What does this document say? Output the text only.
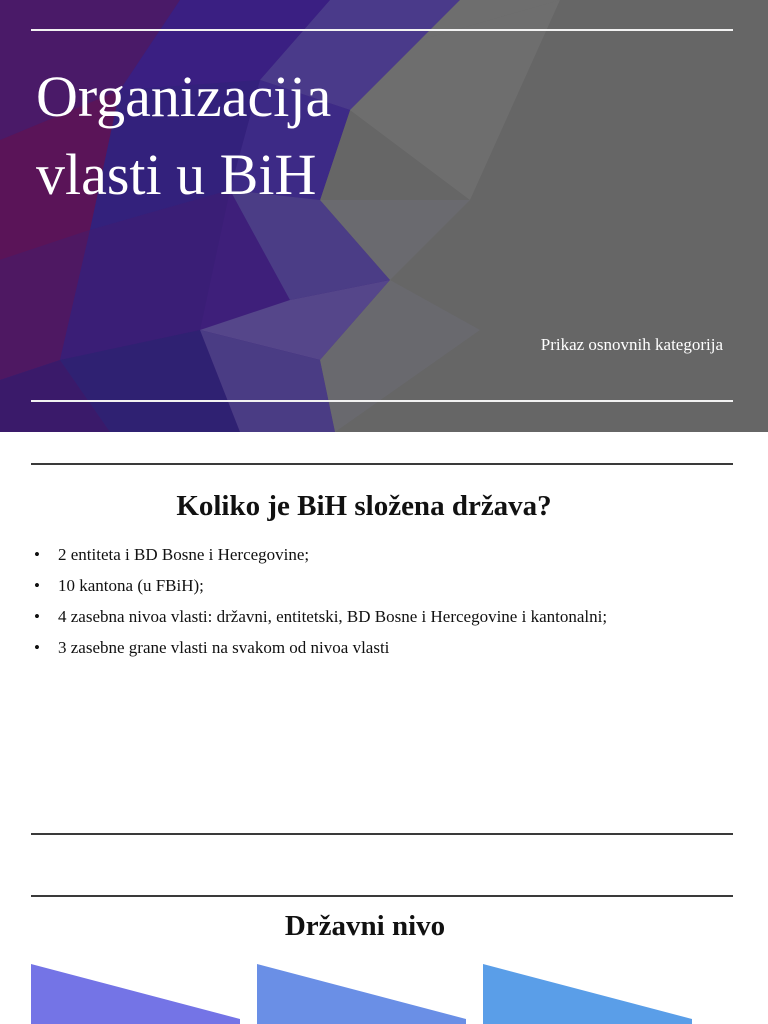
Organizacija
vlasti u BiH
Prikaz osnovnih kategorija
Koliko je BiH složena država?
• 2 entiteta i BD Bosne i Hercegovine;
• 10 kantona (u FBiH);
• 4 zasebna nivoa vlasti: državni, entitetski, BD Bosne i Hercegovine i kantonalni;
• 3 zasebne grane vlasti na svakom od nivoa vlasti
Državni nivo
